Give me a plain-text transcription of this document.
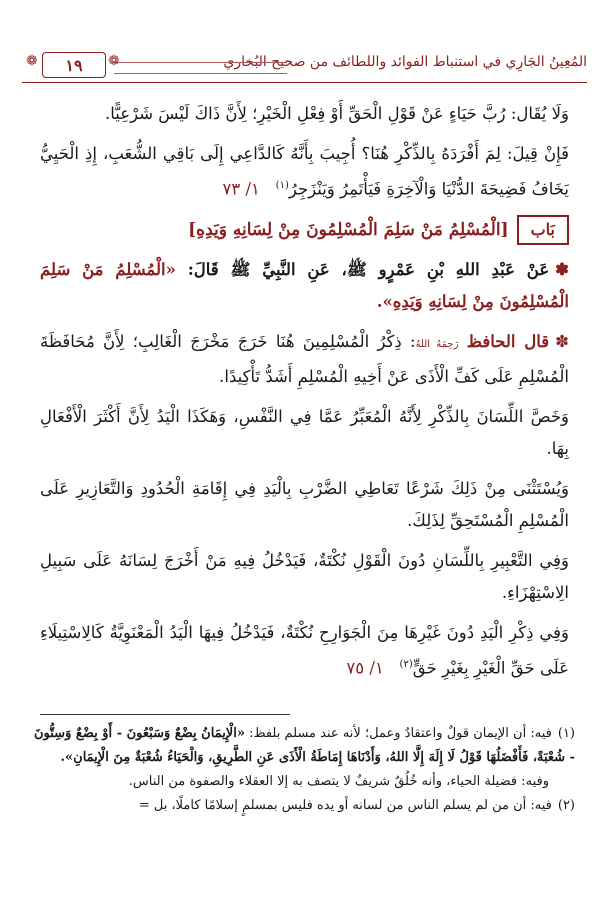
المُعِينُ الجَارِي في استنباط الفوائد واللطائف من صحيح البُخاري
❁ ١٩ ❁

وَلَا يُقَال: رُبَّ حَيَاءٍ عَنْ قَوْلِ الْحَقِّ أَوْ فِعْلِ الْخَيْرِ؛ لِأَنَّ ذَاكَ لَيْسَ شَرْعِيًّا.

فَإِنْ قِيلَ: لِمَ أَفْرَدَهُ بِالذِّكْرِ هُنَا؟ أُجِيبَ بِأَنَّهُ كَالدَّاعِي إِلَى بَاقِي الشُّعَبِ، إِذِ الْحَيِيُّ يَخَافُ فَضِيحَةَ الدُّنْيَا وَالْآخِرَةِ فَيَأْتَمِرُ وَيَنْزَجِرُ$^{(١)}$   ١/ ٧٣

بَاب
[الْمُسْلِمُ مَنْ سَلِمَ الْمُسْلِمُونَ مِنْ لِسَانِهِ وَيَدِهِ]

✽عَنْ عَبْدِ اللهِ بْنِ عَمْرٍو ﷺ، عَنِ النَّبِيِّ ﷺ قَالَ: «الْمُسْلِمُ مَنْ سَلِمَ الْمُسْلِمُونَ مِنْ لِسَانِهِ وَيَدِهِ».

✽قال الحافظ رَحِمَهُ اللهُ: ذِكْرُ الْمُسْلِمِينَ هُنَا خَرَجَ مَخْرَجَ الْغَالِبِ؛ لِأَنَّ مُحَافَظَةَ الْمُسْلِمِ عَلَى كَفِّ الْأَذَى عَنْ أَخِيهِ الْمُسْلِمِ أَشَدُّ تَأْكِيدًا.

وَخَصَّ اللِّسَانَ بِالذِّكْرِ لِأَنَّهُ الْمُعَبِّرُ عَمَّا فِي النَّفْسِ، وَهَكَذَا الْيَدُ لِأَنَّ أَكْثَرَ الْأَفْعَالِ بِهَا.

وَيُسْتَثْنَى مِنْ ذَلِكَ شَرْعًا تَعَاطِي الضَّرْبِ بِالْيَدِ فِي إِقَامَةِ الْحُدُودِ وَالتَّعَازِيرِ عَلَى الْمُسْلِمِ الْمُسْتَحِقِّ لِذَلِكَ.

وَفِي التَّعْبِيرِ بِاللِّسَانِ دُونَ الْقَوْلِ نُكْتَةٌ، فَيَدْخُلُ فِيهِ مَنْ أَخْرَجَ لِسَانَهُ عَلَى سَبِيلِ الِاسْتِهْزَاءِ.

وَفِي ذِكْرِ الْيَدِ دُونَ غَيْرِهَا مِنَ الْجَوَارِحِ نُكْتَةٌ، فَيَدْخُلُ فِيهَا الْيَدُ الْمَعْنَوِيَّةُ كَالِاسْتِيلَاءِ عَلَى حَقِّ الْغَيْرِ بِغَيْرِ حَقٍّ$^{(٢)}$   ١/ ٧٥

(١)فيه: أن الإيمان قولٌ واعتقادٌ وعمل؛ لأنه عند مسلم بلفظ: «الْإِيمَانُ بِضْعٌ وَسَبْعُونَ - أَوْ بِضْعٌ وَسِتُّونَ - شُعْبَةً، فَأَفْضَلُهَا قَوْلُ لَا إِلَهَ إِلَّا اللهُ، وَأَدْنَاهَا إِمَاطَةُ الْأَذَى عَنِ الطَّرِيقِ، وَالْحَيَاءُ شُعْبَةٌ مِنَ الْإِيمَانِ».

وفيه: فضيلة الحياء، وأنه خُلُقٌ شريفٌ لا يتصف به إلا العقلاء والصفوة من الناس.

(٢)فيه: أن من لم يسلم الناس من لسانه أو يده فليس بمسلمٍ إسلامًا كاملًا، بل =
